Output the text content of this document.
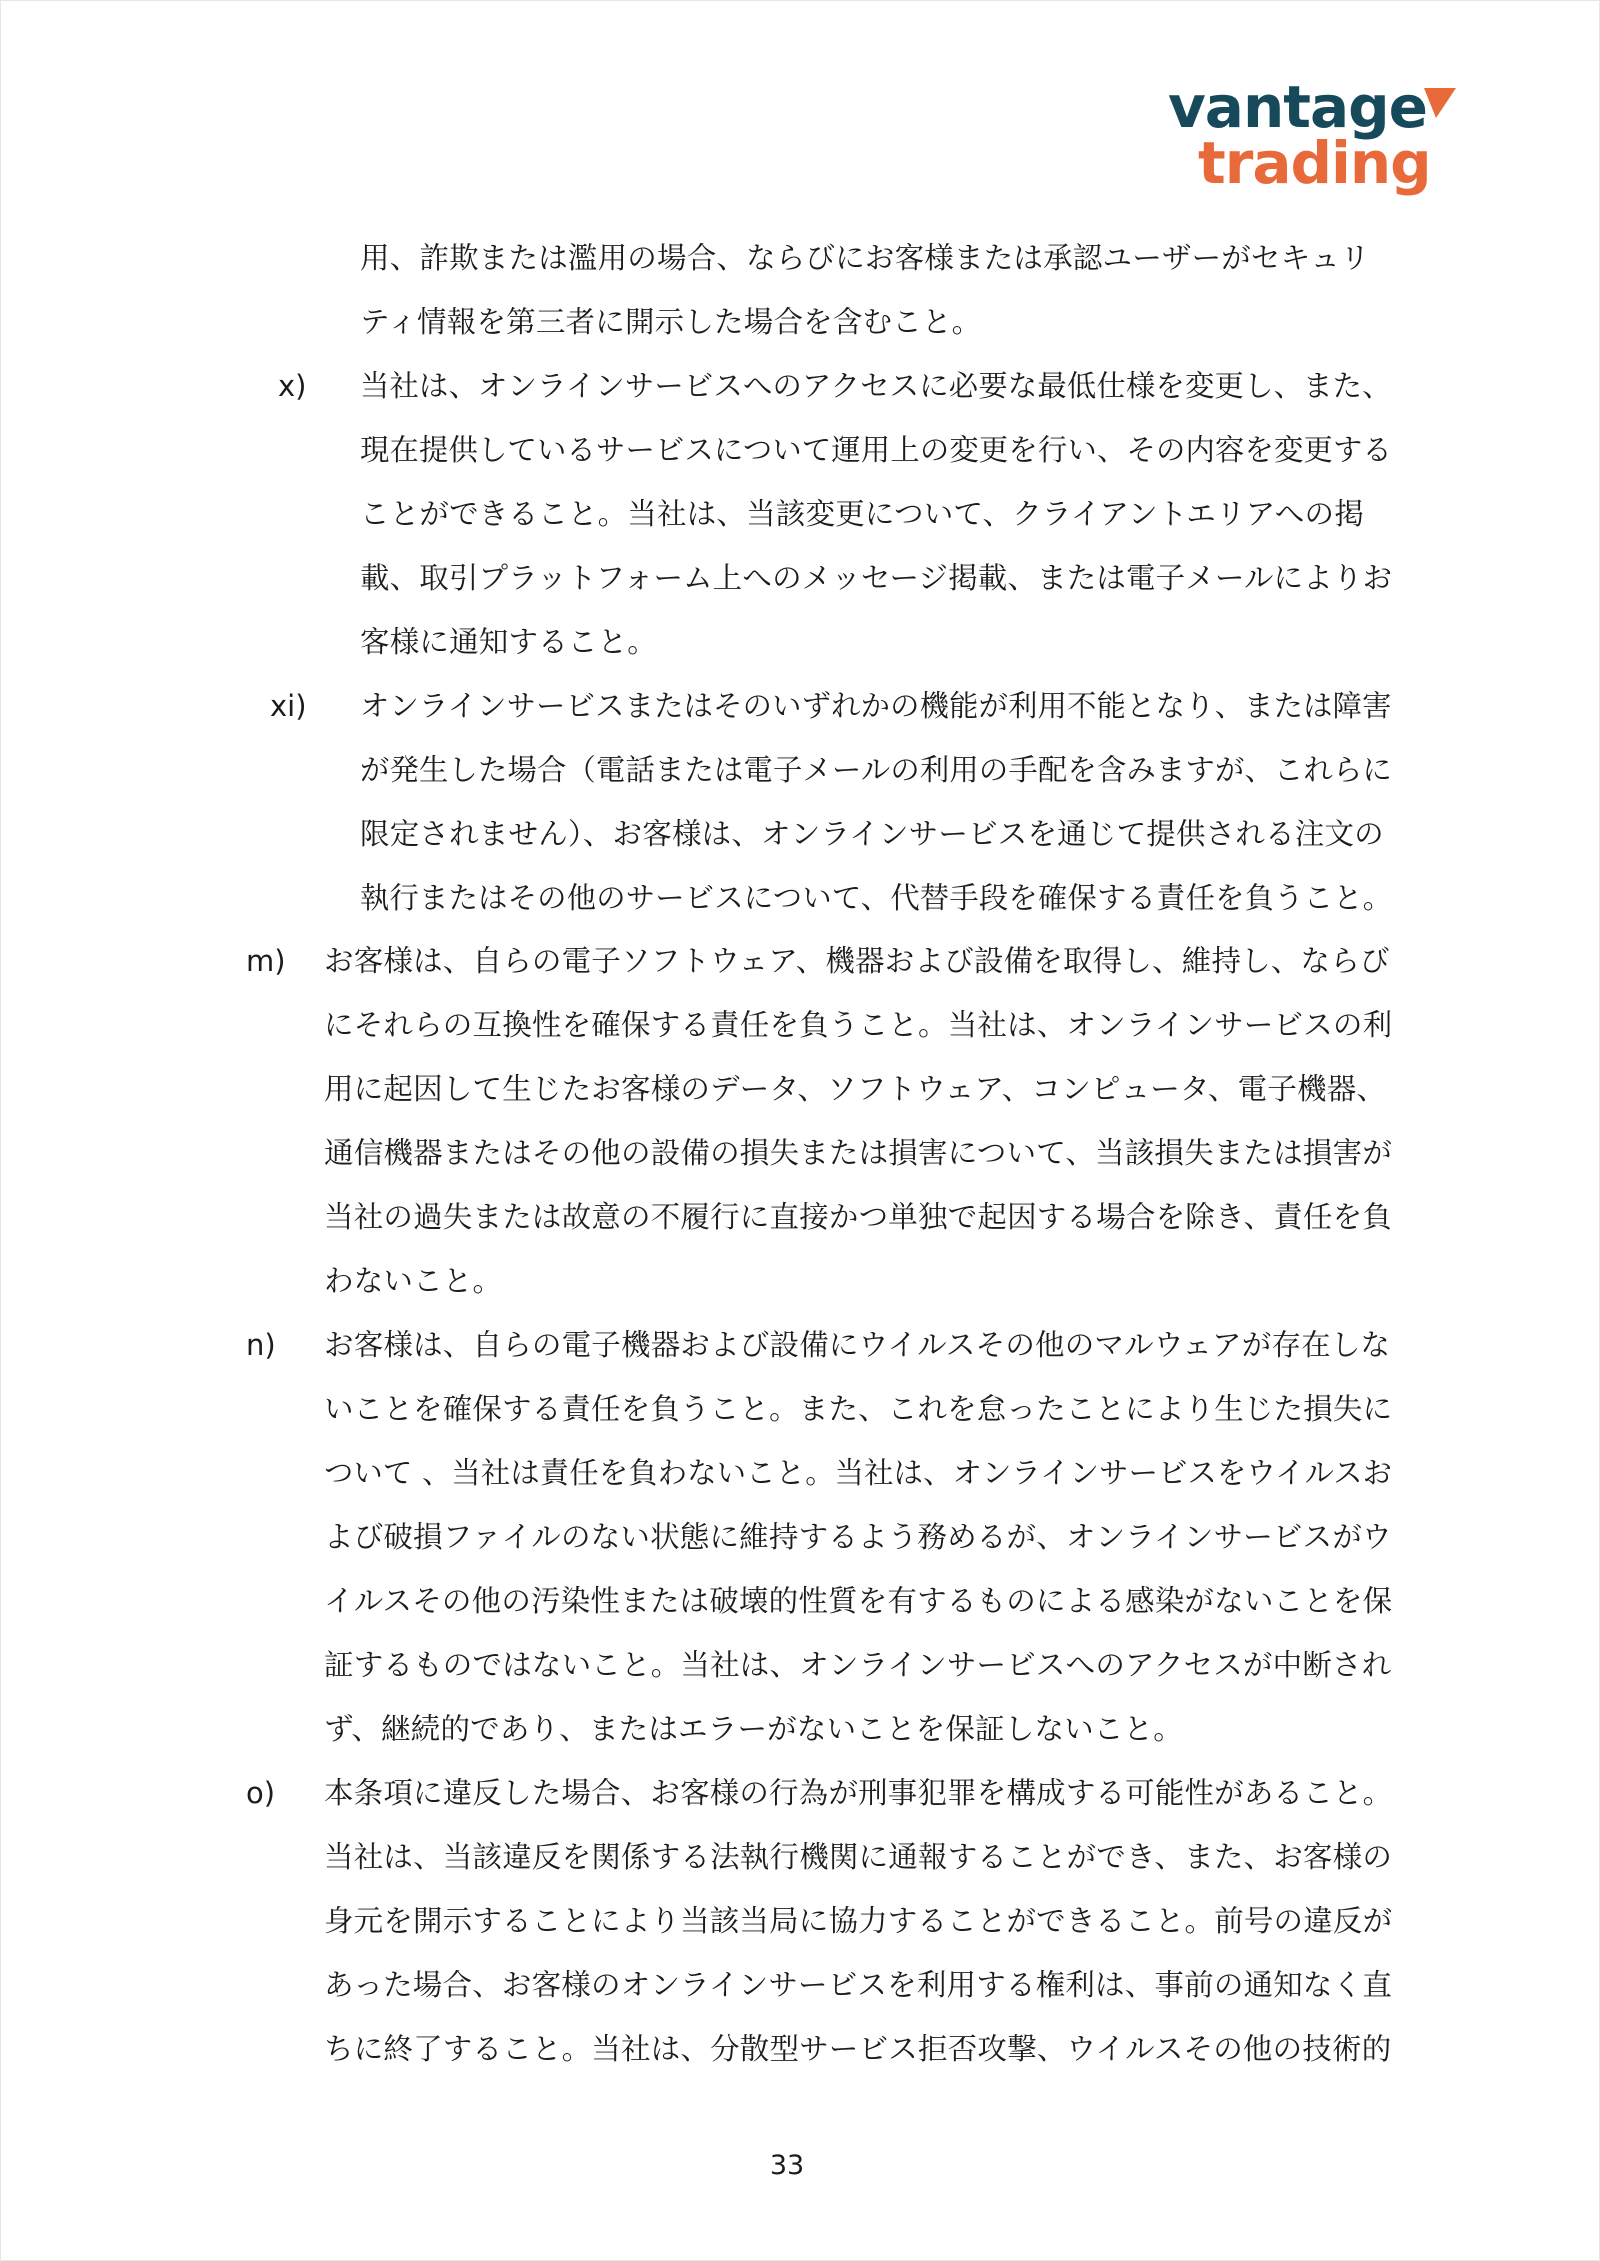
vantage
trading
用、詐欺または濫用の場合、ならびにお客様または承認ユーザーがセキュリ
ティ情報を第三者に開示した場合を含むこと。
x) 当社は、オンラインサービスへのアクセスに必要な最低仕様を変更し、また、
現在提供しているサービスについて運用上の変更を行い、その内容を変更する
ことができること。当社は、当該変更について、クライアントエリアへの掲
載、取引プラットフォーム上へのメッセージ掲載、または電子メールによりお
客様に通知すること。
xi) オンラインサービスまたはそのいずれかの機能が利用不能となり、または障害
が発生した場合（電話または電子メールの利用の手配を含みますが、これらに
限定されません）、お客様は、オンラインサービスを通じて提供される注文の
執行またはその他のサービスについて、代替手段を確保する責任を負うこと。
m) お客様は、自らの電子ソフトウェア、機器および設備を取得し、維持し、ならび
にそれらの互換性を確保する責任を負うこと。当社は、オンラインサービスの利
用に起因して生じたお客様のデータ、ソフトウェア、コンピュータ、電子機器、
通信機器またはその他の設備の損失または損害について、当該損失または損害が
当社の過失または故意の不履行に直接かつ単独で起因する場合を除き、責任を負
わないこと。
n) お客様は、自らの電子機器および設備にウイルスその他のマルウェアが存在しな
いことを確保する責任を負うこと。また、これを怠ったことにより生じた損失に
ついて 、当社は責任を負わないこと。当社は、オンラインサービスをウイルスお
よび破損ファイルのない状態に維持するよう務めるが、オンラインサービスがウ
イルスその他の汚染性または破壊的性質を有するものによる感染がないことを保
証するものではないこと。当社は、オンラインサービスへのアクセスが中断され
ず、継続的であり、またはエラーがないことを保証しないこと。
o) 本条項に違反した場合、お客様の行為が刑事犯罪を構成する可能性があること。
当社は、当該違反を関係する法執行機関に通報することができ、また、お客様の
身元を開示することにより当該当局に協力することができること。前号の違反が
あった場合、お客様のオンラインサービスを利用する権利は、事前の通知なく直
ちに終了すること。当社は、分散型サービス拒否攻撃、ウイルスその他の技術的
33
